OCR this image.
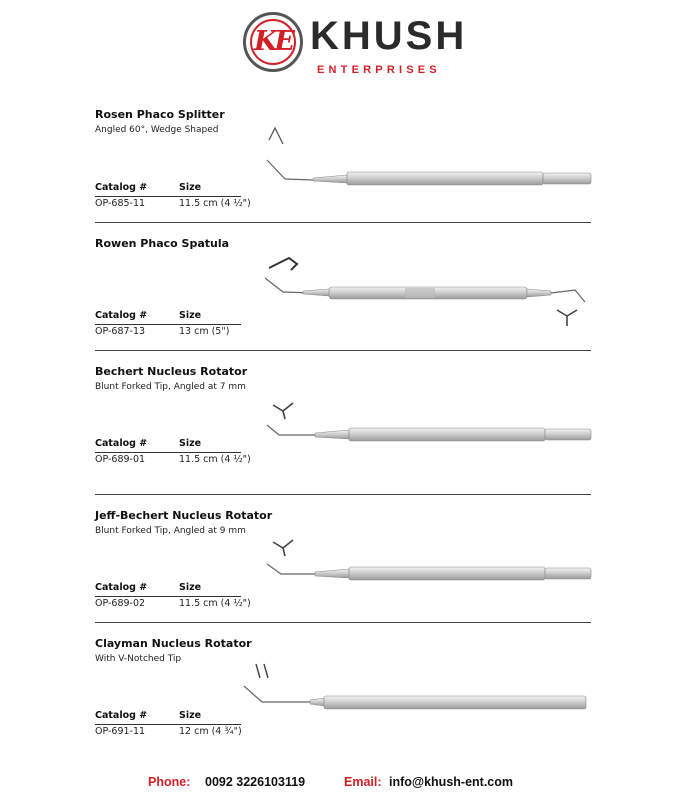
KE KHUSH
ENTERPRISES
Rosen Phaco Splitter
Angled 60°, Wedge Shaped
Catalog #	Size
OP-685-11	11.5 cm (4 ½")
Rowen Phaco Spatula
Catalog #	Size
OP-687-13	13 cm (5")
Bechert Nucleus Rotator
Blunt Forked Tip, Angled at 7 mm
Catalog #	Size
OP-689-01	11.5 cm (4 ½")
Jeff-Bechert Nucleus Rotator
Blunt Forked Tip, Angled at 9 mm
Catalog #	Size
OP-689-02	11.5 cm (4 ½")
Clayman Nucleus Rotator
With V-Notched Tip
Catalog #	Size
OP-691-11	12 cm (4 ¾")
Phone: 0092 3226103119	Email: info@khush-ent.com
